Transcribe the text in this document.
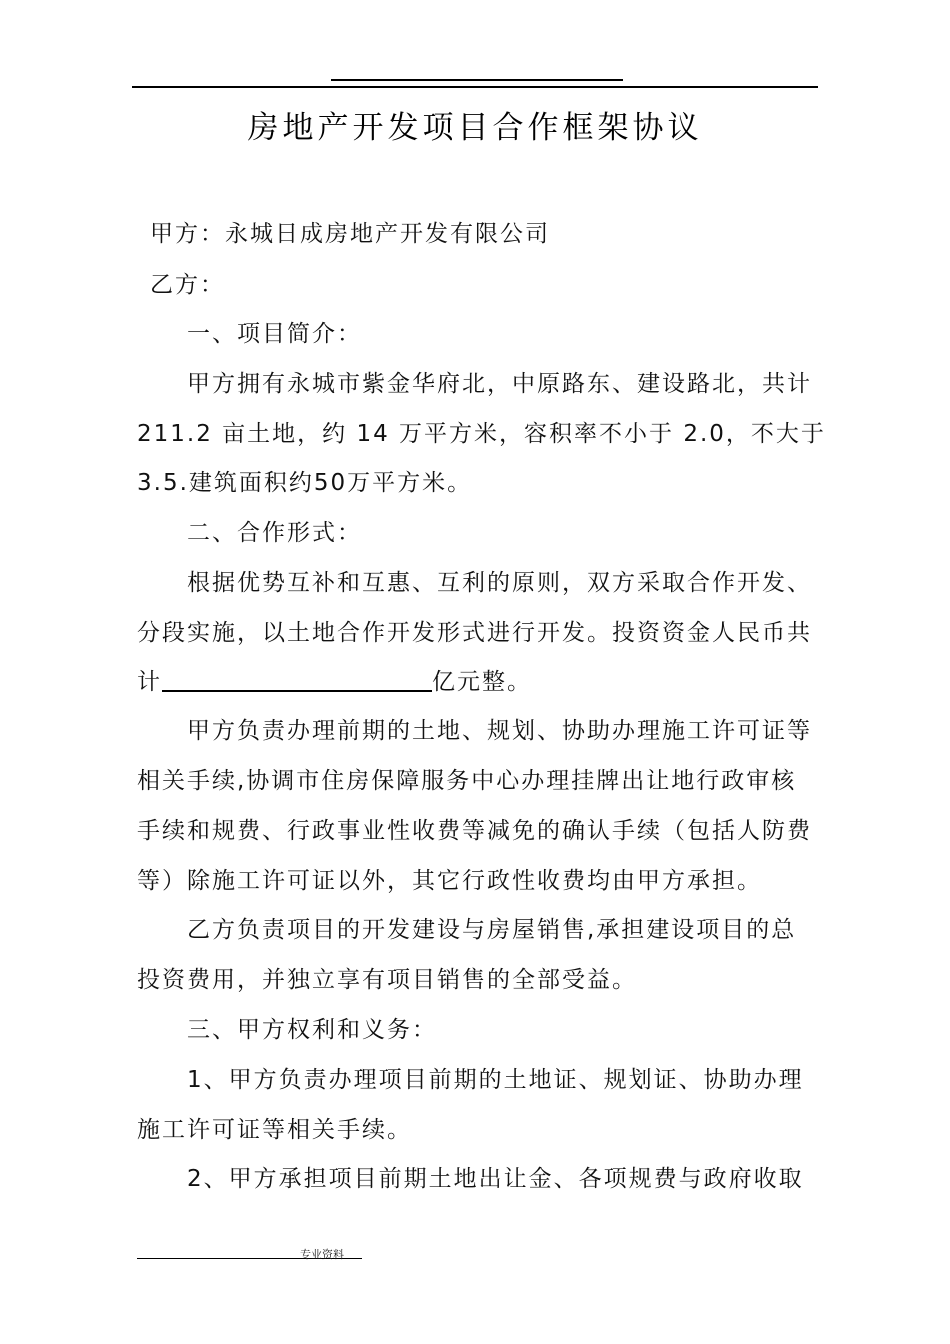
房地产开发项目合作框架协议
甲方：永城日成房地产开发有限公司
乙方：
一、项目简介：
甲方拥有永城市紫金华府北，中原路东、建设路北，共计
211.2 亩土地，约 14 万平方米，容积率不小于 2.0，不大于
3.5.建筑面积约50万平方米。
二、合作形式：
根据优势互补和互惠、互利的原则，双方采取合作开发、
分段实施，以土地合作开发形式进行开发。投资资金人民币共
计	亿元整。
甲方负责办理前期的土地、规划、协助办理施工许可证等
相关手续,协调市住房保障服务中心办理挂牌出让地行政审核
手续和规费、行政事业性收费等减免的确认手续（包括人防费
等）除施工许可证以外，其它行政性收费均由甲方承担。
乙方负责项目的开发建设与房屋销售,承担建设项目的总
投资费用，并独立享有项目销售的全部受益。
三、甲方权利和义务：
1、甲方负责办理项目前期的土地证、规划证、协助办理
施工许可证等相关手续。
2、甲方承担项目前期土地出让金、各项规费与政府收取
专业资料
